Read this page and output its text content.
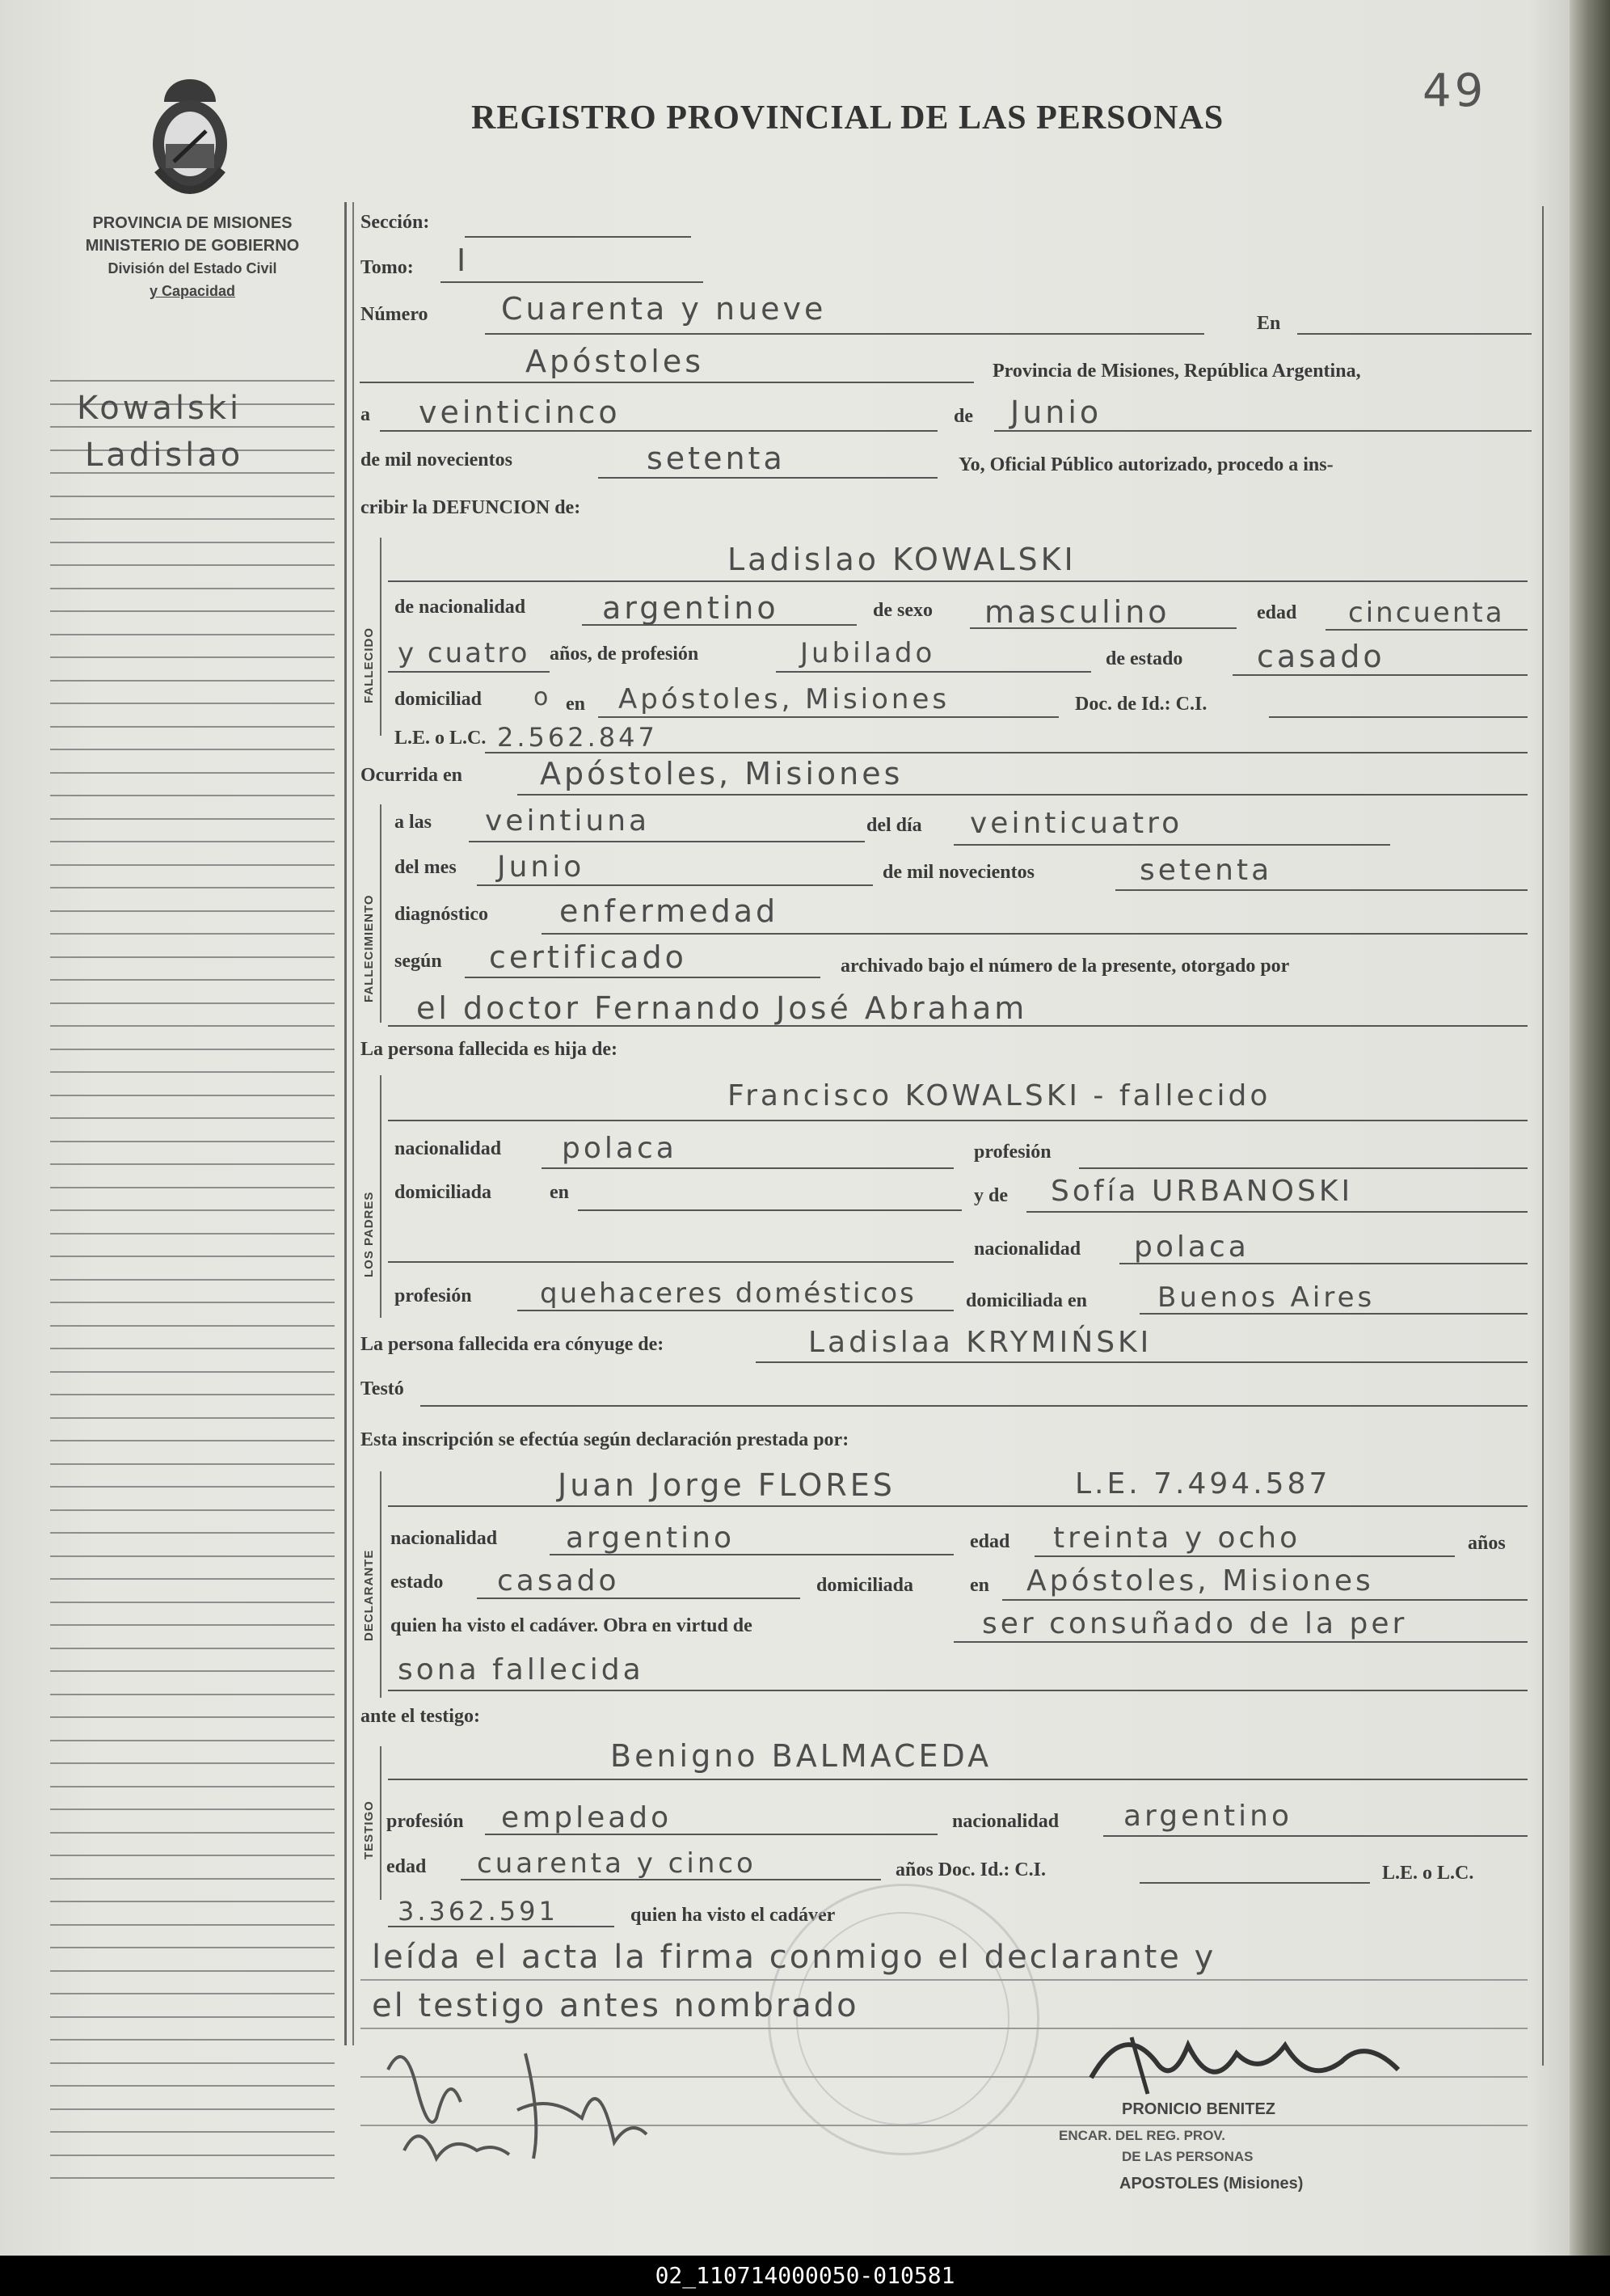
49
REGISTRO PROVINCIAL DE LAS PERSONAS
PROVINCIA DE MISIONES
MINISTERIO DE GOBIERNO
División del Estado Civil
y Capacidad
Kowalski
Ladislao
Sección:
Tomo: I
Número Cuarenta y nueve	En
Apóstoles	Provincia de Misiones, República Argentina,
a veinticinco	de Junio
de mil novecientos	setenta	Yo, Oficial Público autorizado, procedo a ins-
cribir la DEFUNCION de:
FALLECIDO
Ladislao KOWALSKI
de nacionalidad argentino	de sexo masculino	edad cincuenta
y cuatro años, de profesión	Jubilado	de estado casado
domiciliad o en Apóstoles, Misiones	Doc. de Id.: C.I.
L.E. o L.C. 2.562.847
Ocurrida en	Apóstoles, Misiones
FALLECIMIENTO
a las veintiuna	del día veinticuatro
del mes Junio	de mil novecientos	setenta
diagnóstico enfermedad
según certificado	archivado bajo el número de la presente, otorgado por
el doctor Fernando José Abraham
La persona fallecida es hija de:
LOS PADRES
Francisco KOWALSKI - fallecido
nacionalidad polaca	profesión
domiciliada	en	y de Sofía URBANOSKI
nacionalidad polaca
profesión quehaceres domésticos	domiciliada en	Buenos Aires
La persona fallecida era cónyuge de:	Ladislaa KRYMIŃSKI
Testó
Esta inscripción se efectúa según declaración prestada por:
DECLARANTE
Juan Jorge FLORES	L.E. 7.494.587
nacionalidad argentino	edad treinta y ocho	años
estado casado	domiciliada	en Apóstoles, Misiones
quien ha visto el cadáver. Obra en virtud de	ser consuñado de la per
sona fallecida
ante el testigo:
TESTIGO
Benigno BALMACEDA
profesión empleado	nacionalidad argentino
edad cuarenta y cinco	años Doc. Id.: C.I.	L.E. o L.C.
3.362.591	quien ha visto el cadáver
leída el acta la firma conmigo el declarante y
el testigo antes nombrado
PRONICIO BENITEZ
ENCAR. DEL REG. PROV.
DE LAS PERSONAS
APOSTOLES (Misiones)
02_110714000050-010581
